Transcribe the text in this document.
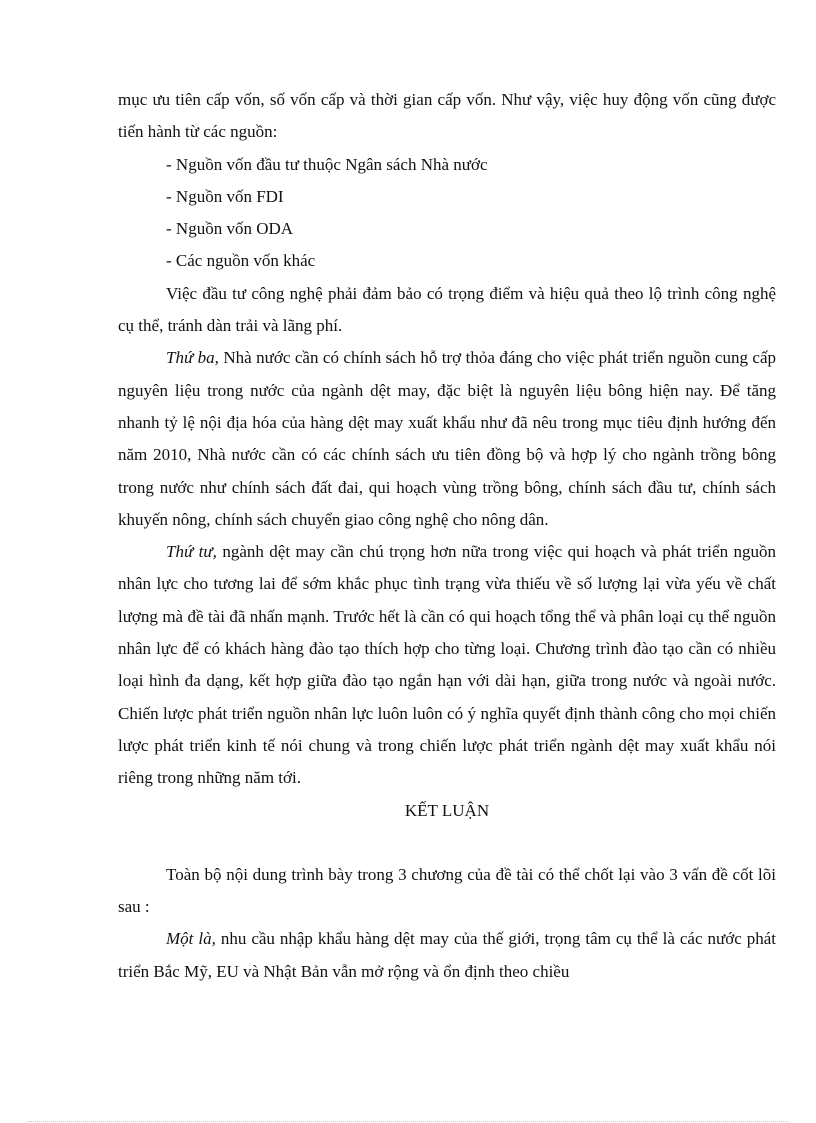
mục ưu tiên cấp vốn, số vốn cấp và thời gian cấp vốn. Như vậy, việc huy động vốn cũng được tiến hành từ các nguồn:

- Nguồn vốn đầu tư thuộc Ngân sách Nhà nước

- Nguồn vốn FDI

- Nguồn vốn ODA

- Các nguồn vốn khác

Việc đầu tư công nghệ phải đảm bảo có trọng điểm và hiệu quả theo lộ trình công nghệ cụ thể, tránh dàn trải và lãng phí.

Thứ ba, Nhà nước cần có chính sách hỗ trợ thỏa đáng cho việc phát triển nguồn cung cấp nguyên liệu trong nước của ngành dệt may, đặc biệt là nguyên liệu bông hiện nay. Để tăng nhanh tỷ lệ nội địa hóa của hàng dệt may xuất khẩu như đã nêu trong mục tiêu định hướng đến năm 2010, Nhà nước cần có các chính sách ưu tiên đồng bộ và hợp lý cho ngành trồng bông trong nước như chính sách đất đai, qui hoạch vùng trồng bông, chính sách đầu tư, chính sách khuyến nông, chính sách chuyển giao công nghệ cho nông dân.

Thứ tư, ngành dệt may cần chú trọng hơn nữa trong việc qui hoạch và phát triển nguồn nhân lực cho tương lai để sớm khắc phục tình trạng vừa thiếu về số lượng lại vừa yếu về chất lượng mà đề tài đã nhấn mạnh. Trước hết là cần có qui hoạch tổng thể và phân loại cụ thể nguồn nhân lực để có khách hàng đào tạo thích hợp cho từng loại. Chương trình đào tạo cần có nhiều loại hình đa dạng, kết hợp giữa đào tạo ngắn hạn với dài hạn, giữa trong nước và ngoài nước. Chiến lược phát triển nguồn nhân lực luôn luôn có ý nghĩa quyết định thành công cho mọi chiến lược phát triển kinh tế nói chung và trong chiến lược phát triển ngành dệt may xuất khẩu nói riêng trong những năm tới.

KẾT LUẬN

Toàn bộ nội dung trình bày trong 3 chương của đề tài có thể chốt lại vào 3 vấn đề cốt lõi sau :

Một là, nhu cầu nhập khẩu hàng dệt may của thế giới, trọng tâm cụ thể là các nước phát triển Bắc Mỹ, EU và Nhật Bản vẫn mở rộng và ổn định theo chiều
